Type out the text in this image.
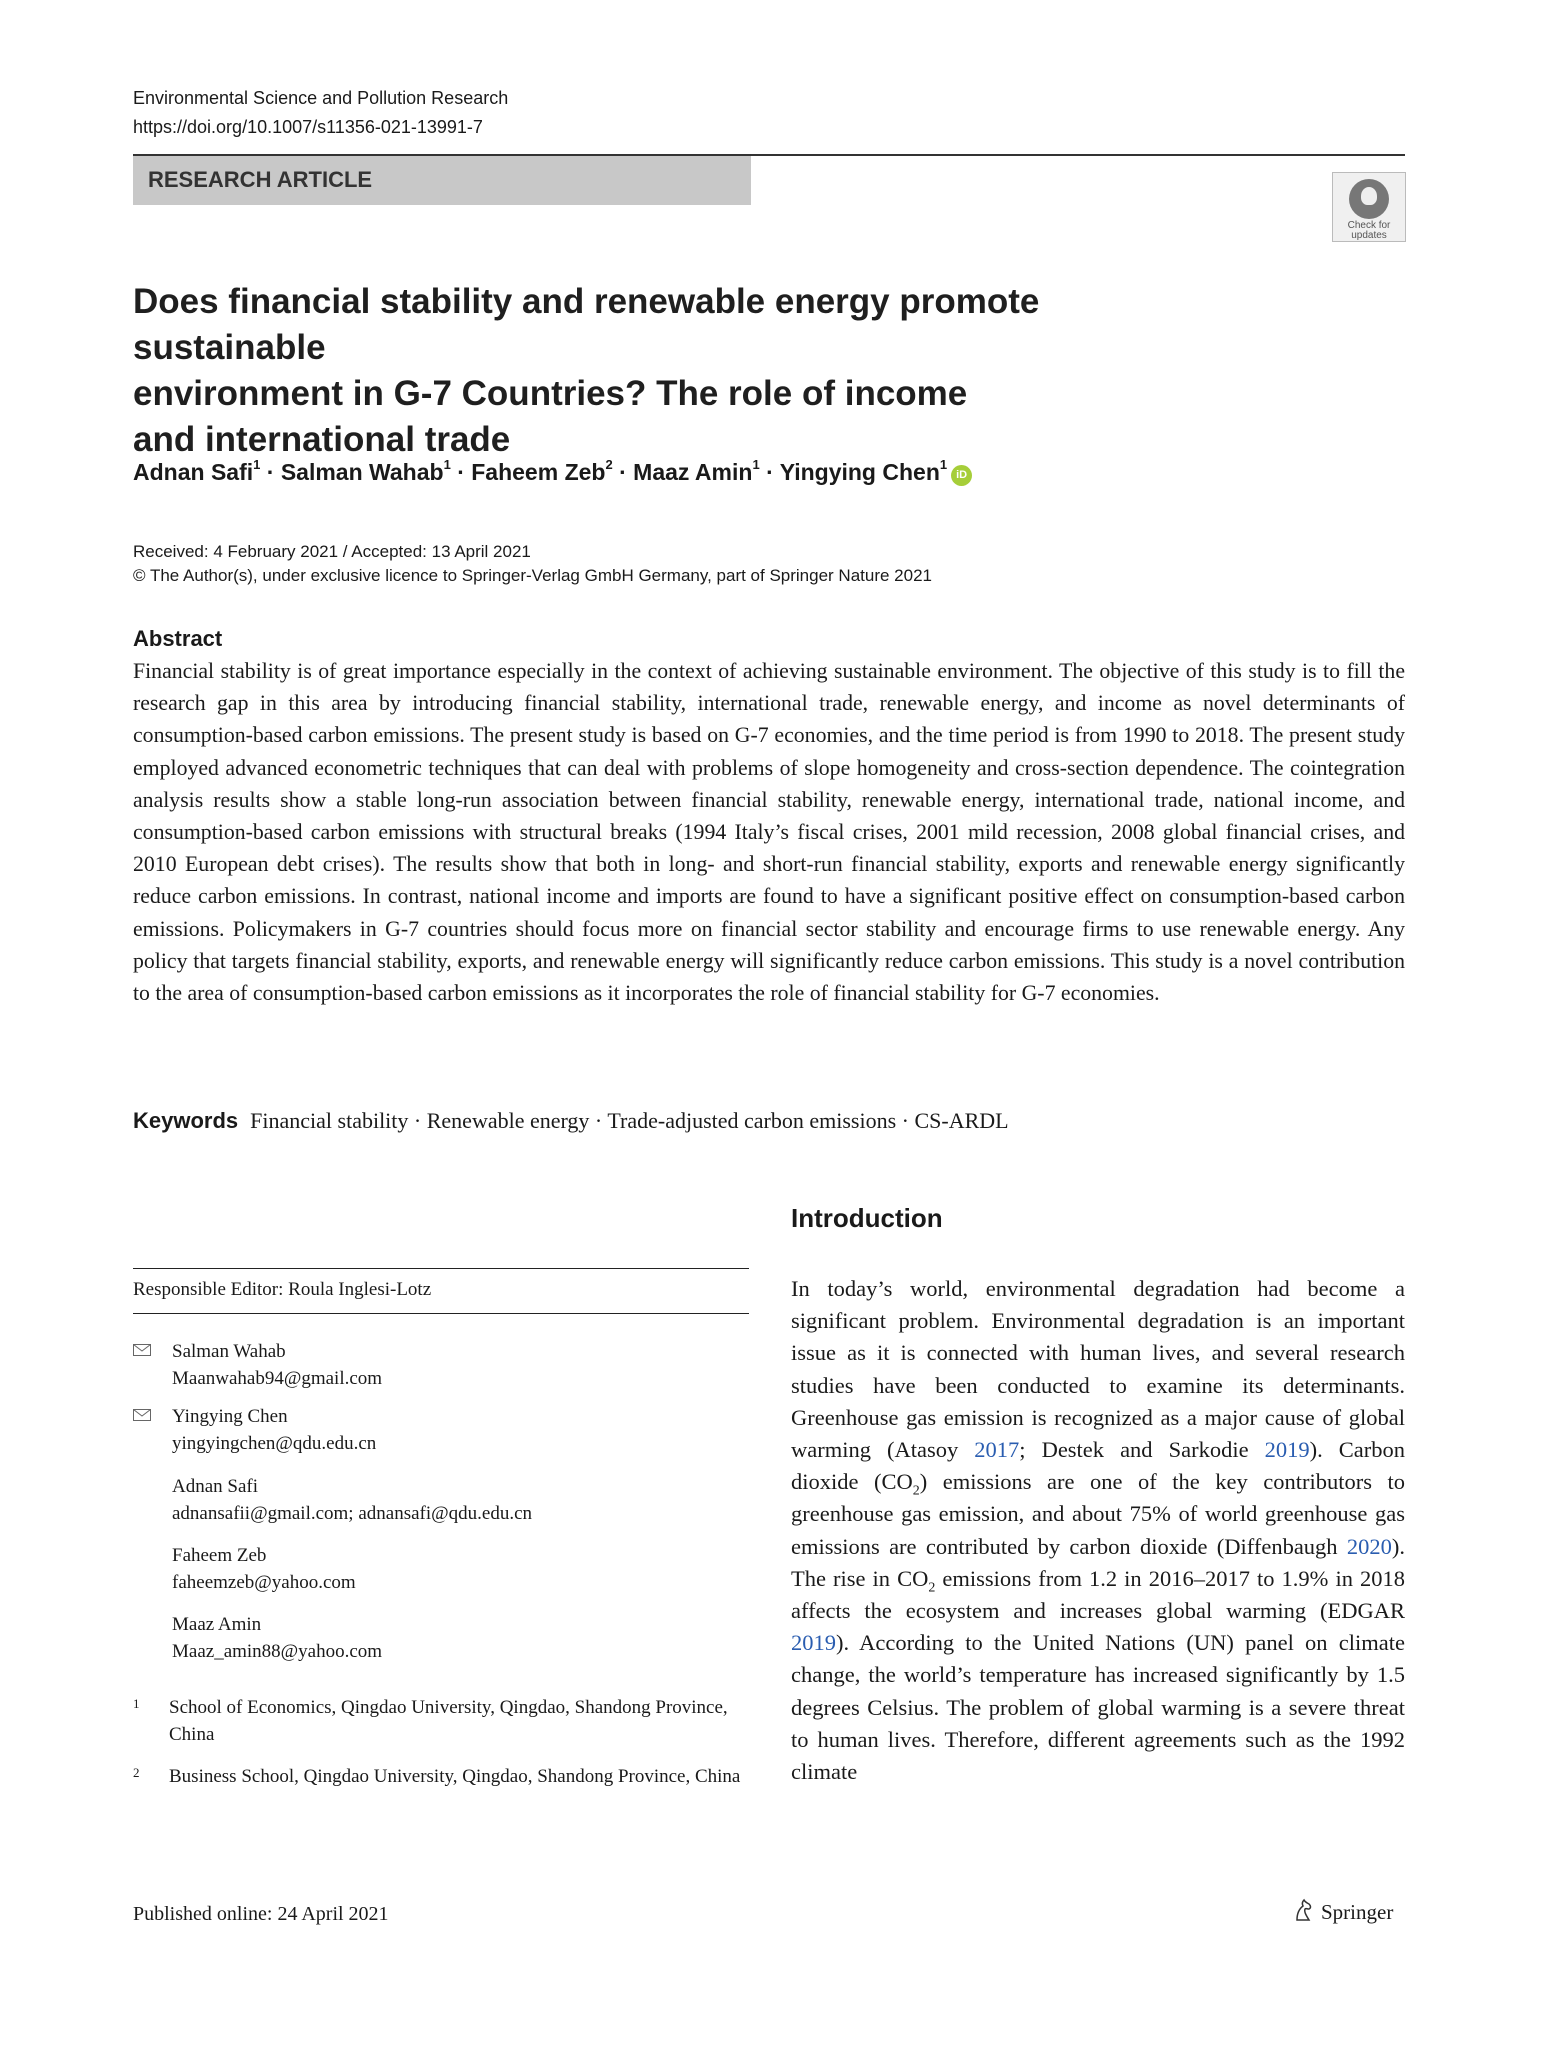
Environmental Science and Pollution Research
https://doi.org/10.1007/s11356-021-13991-7
RESEARCH ARTICLE
Check for
updates
Does financial stability and renewable energy promote sustainable
environment in G-7 Countries? The role of income
and international trade
Adnan Safi$^1$ · Salman Wahab$^1$ · Faheem Zeb$^2$ · Maaz Amin$^1$ · Yingying Chen$^1$iD
Received: 4 February 2021 / Accepted: 13 April 2021
© The Author(s), under exclusive licence to Springer-Verlag GmbH Germany, part of Springer Nature 2021
Abstract

Financial stability is of great importance especially in the context of achieving sustainable environment. The objective of this study is to fill the research gap in this area by introducing financial stability, international trade, renewable energy, and income as novel determinants of consumption-based carbon emissions. The present study is based on G-7 economies, and the time period is from 1990 to 2018. The present study employed advanced econometric techniques that can deal with problems of slope homogeneity and cross-section dependence. The cointegration analysis results show a stable long-run association between financial stability, renewable energy, international trade, national income, and consumption-based carbon emissions with structural breaks (1994 Italy’s fiscal crises, 2001 mild recession, 2008 global financial crises, and 2010 European debt crises). The results show that both in long- and short-run financial stability, exports and renewable energy significantly reduce carbon emissions. In contrast, national income and imports are found to have a significant positive effect on consumption-based carbon emissions. Policymakers in G-7 countries should focus more on financial sector stability and encourage firms to use renewable energy. Any policy that targets financial stability, exports, and renewable energy will significantly reduce carbon emissions. This study is a novel contribution to the area of consumption-based carbon emissions as it incorporates the role of financial stability for G-7 economies.

Keywords Financial stability · Renewable energy · Trade-adjusted carbon emissions · CS-ARDL
Responsible Editor: Roula Inglesi-Lotz
Salman Wahab
Maanwahab94@gmail.com
Yingying Chen
yingyingchen@qdu.edu.cn
Adnan Safi
adnansafii@gmail.com; adnansafi@qdu.edu.cn
Faheem Zeb
faheemzeb@yahoo.com
Maaz Amin
Maaz_amin88@yahoo.com
1 School of Economics, Qingdao University, Qingdao, Shandong Province, China
2 Business School, Qingdao University, Qingdao, Shandong Province, China
Introduction

In today’s world, environmental degradation had become a significant problem. Environmental degradation is an important issue as it is connected with human lives, and several research studies have been conducted to examine its determinants. Greenhouse gas emission is recognized as a major cause of global warming (Atasoy 2017; Destek and Sarkodie 2019). Carbon dioxide $(CO_2)$ emissions are one of the key contributors to greenhouse gas emission, and about 75% of world greenhouse gas emissions are contributed by carbon dioxide (Diffenbaugh 2020). The rise in $CO_2$ emissions from 1.2 in 2016–2017 to 1.9% in 2018 affects the ecosystem and increases global warming (EDGAR 2019). According to the United Nations (UN) panel on climate change, the world’s temperature has increased significantly by 1.5 degrees Celsius. The problem of global warming is a severe threat to human lives. Therefore, different agreements such as the 1992 climate

Published online: 24 April 2021	Springer
